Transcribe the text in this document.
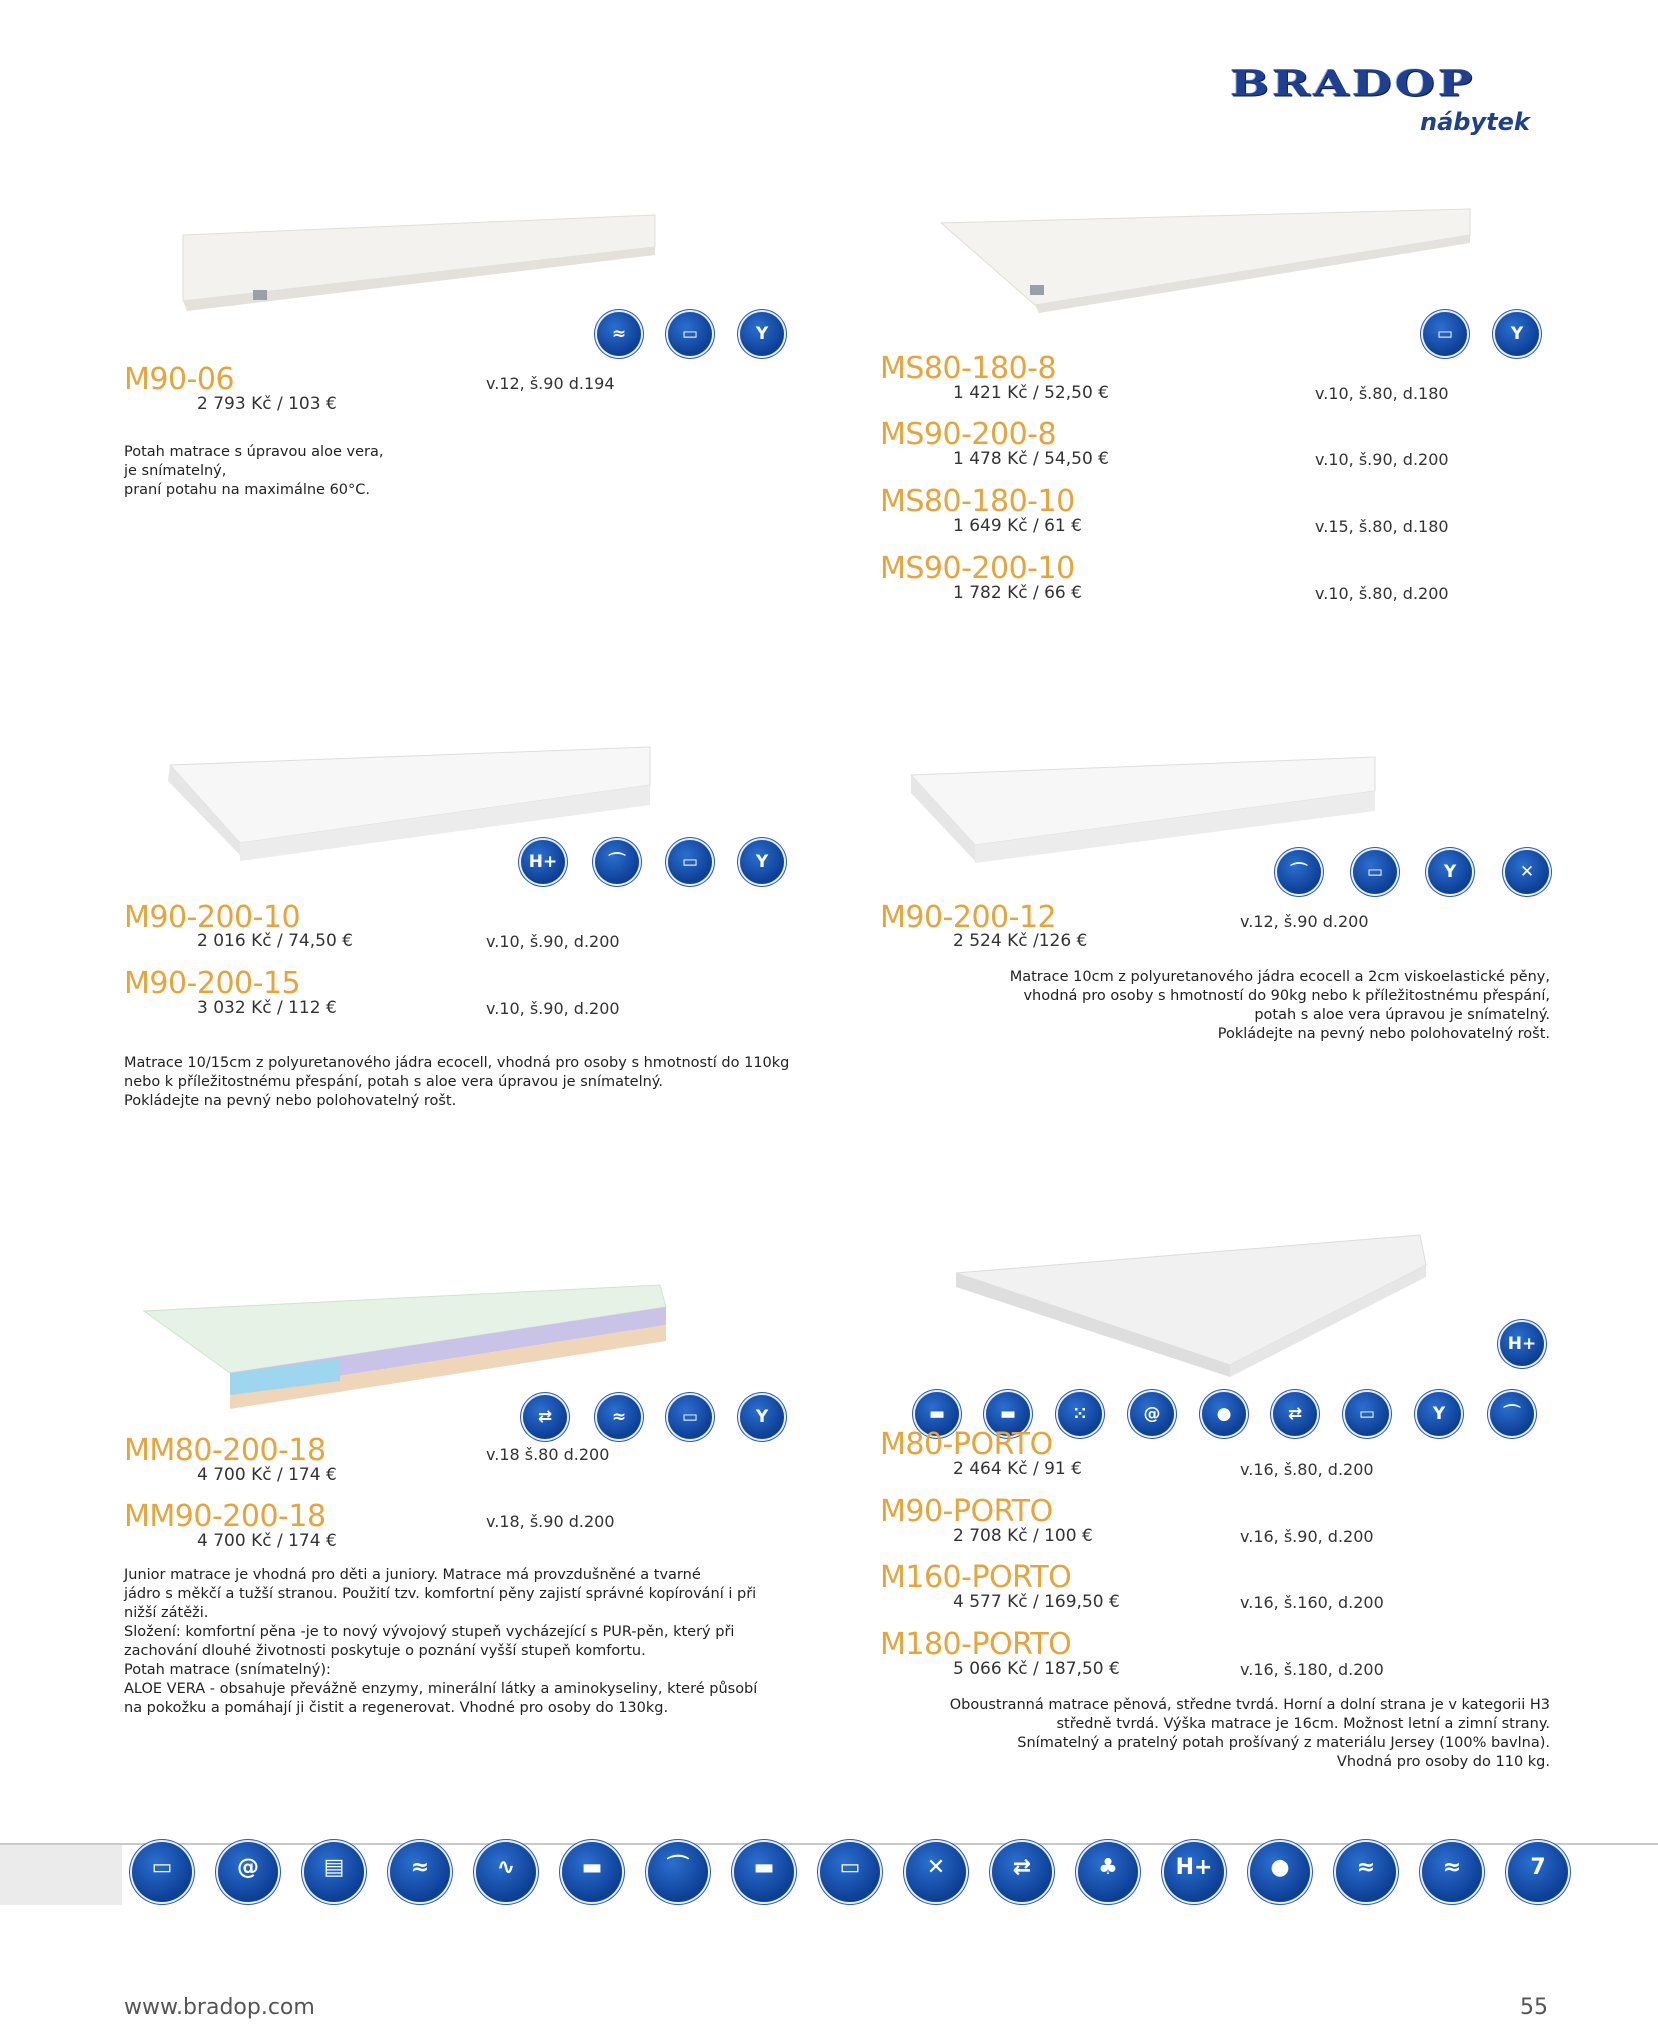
BRADOP
nábytek
≈	▭	Y	▭	Y
H+	⌒	▭	Y	⌒	▭	Y	✕
⇄	≈	▭	Y
H+
▬	▬	⁙	@	●	⇄	▭	Y	⌒
M90-06
2 793 Kč / 103 €
v.12, š.90 d.194
Potah matrace s úpravou aloe vera,
je snímatelný,
praní potahu na maximálne 60°C.
MS80-180-8
1 421 Kč / 52,50 €	v.10, š.80, d.180
MS90-200-8
1 478 Kč / 54,50 €	v.10, š.90, d.200
MS80-180-10
1 649 Kč / 61 €	v.15, š.80, d.180
MS90-200-10
1 782 Kč / 66 €	v.10, š.80, d.200
M90-200-10
2 016 Kč / 74,50 €	v.10, š.90, d.200
M90-200-15
3 032 Kč / 112 €	v.10, š.90, d.200
Matrace 10/15cm z polyuretanového jádra ecocell, vhodná pro osoby s hmotností do 110kg
nebo k příležitostnému přespání, potah s aloe vera úpravou je snímatelný.
Pokládejte na pevný nebo polohovatelný rošt.
M90-200-12
2 524 Kč /126 €
v.12, š.90 d.200
Matrace 10cm z polyuretanového jádra ecocell a 2cm viskoelastické pěny,
vhodná pro osoby s hmotností do 90kg nebo k příležitostnému přespání,
potah s aloe vera úpravou je snímatelný.
Pokládejte na pevný nebo polohovatelný rošt.
MM80-200-18
4 700 Kč / 174 €
v.18 š.80 d.200
MM90-200-18
4 700 Kč / 174 €
v.18, š.90 d.200
Junior matrace je vhodná pro děti a juniory. Matrace má provzdušněné a tvarné
jádro s měkčí a tužší stranou. Použití tzv. komfortní pěny zajistí správné kopírování i při
nižší zátěži.
Složení: komfortní pěna -je to nový vývojový stupeň vycházející s PUR-pěn, který při
zachování dlouhé životnosti poskytuje o poznání vyšší stupeň komfortu.
Potah matrace (snímatelný):
ALOE VERA - obsahuje převážně enzymy, minerální látky a aminokyseliny, které působí
na pokožku a pomáhají ji čistit a regenerovat. Vhodné pro osoby do 130kg.
M80-PORTO
2 464 Kč / 91 €	v.16, š.80, d.200
M90-PORTO
2 708 Kč / 100 €	v.16, š.90, d.200
M160-PORTO
4 577 Kč / 169,50 €	v.16, š.160, d.200
M180-PORTO
5 066 Kč / 187,50 €	v.16, š.180, d.200
Oboustranná matrace pěnová, středne tvrdá. Horní a dolní strana je v kategorii H3
středně tvrdá. Výška matrace je 16cm. Možnost letní a zimní strany.
Snímatelný a pratelný potah prošívaný z materiálu Jersey (100% bavlna).
Vhodná pro osoby do 110 kg.
▭	@	▤	≈	∿	▬	⌒	▬	▭	✕	⇄	♣	H+	●	≈	≈	7
www.bradop.com	55
